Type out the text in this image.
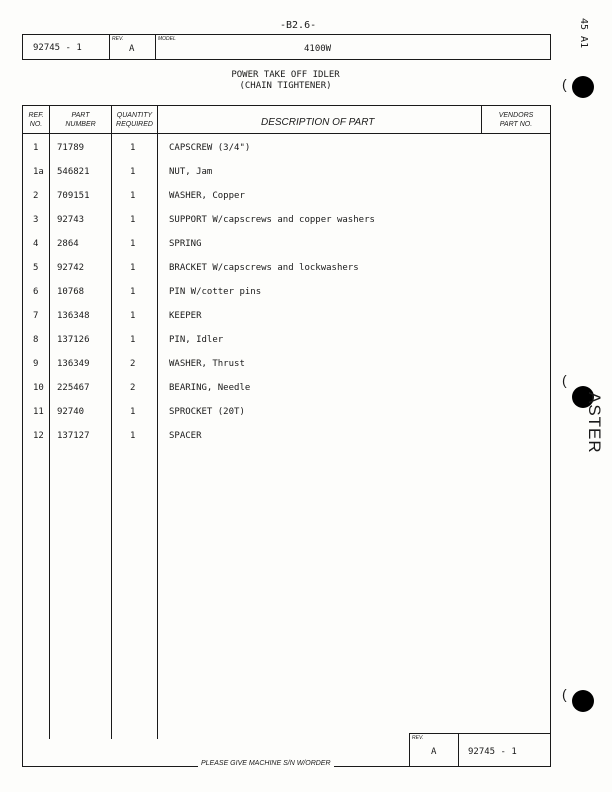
-B2.6-	45 A1
(
(
(
ASTER
92745 - 1
REV.
A
MODEL
4100W
POWER TAKE OFF IDLER
(CHAIN TIGHTENER)
REF.
NO.
PART
NUMBER
QUANTITY
REQUIRED	DESCRIPTION OF PART
VENDORS
PART NO.
1 71789	1	CAPSCREW (3/4")
1a 546821	1	NUT, Jam
2 709151	1	WASHER, Copper
3 92743	1	SUPPORT W/capscrews and copper washers
4 2864	1	SPRING
5 92742	1	BRACKET W/capscrews and lockwashers
6 10768	1	PIN W/cotter pins
7 136348	1	KEEPER
8 137126	1	PIN, Idler
9 136349	2	WASHER, Thrust
10 225467	2	BEARING, Needle
11 92740	1	SPROCKET (20T)
12 137127	1	SPACER
REV.
A	92745 - 1
PLEASE GIVE MACHINE S/N W/ORDER
